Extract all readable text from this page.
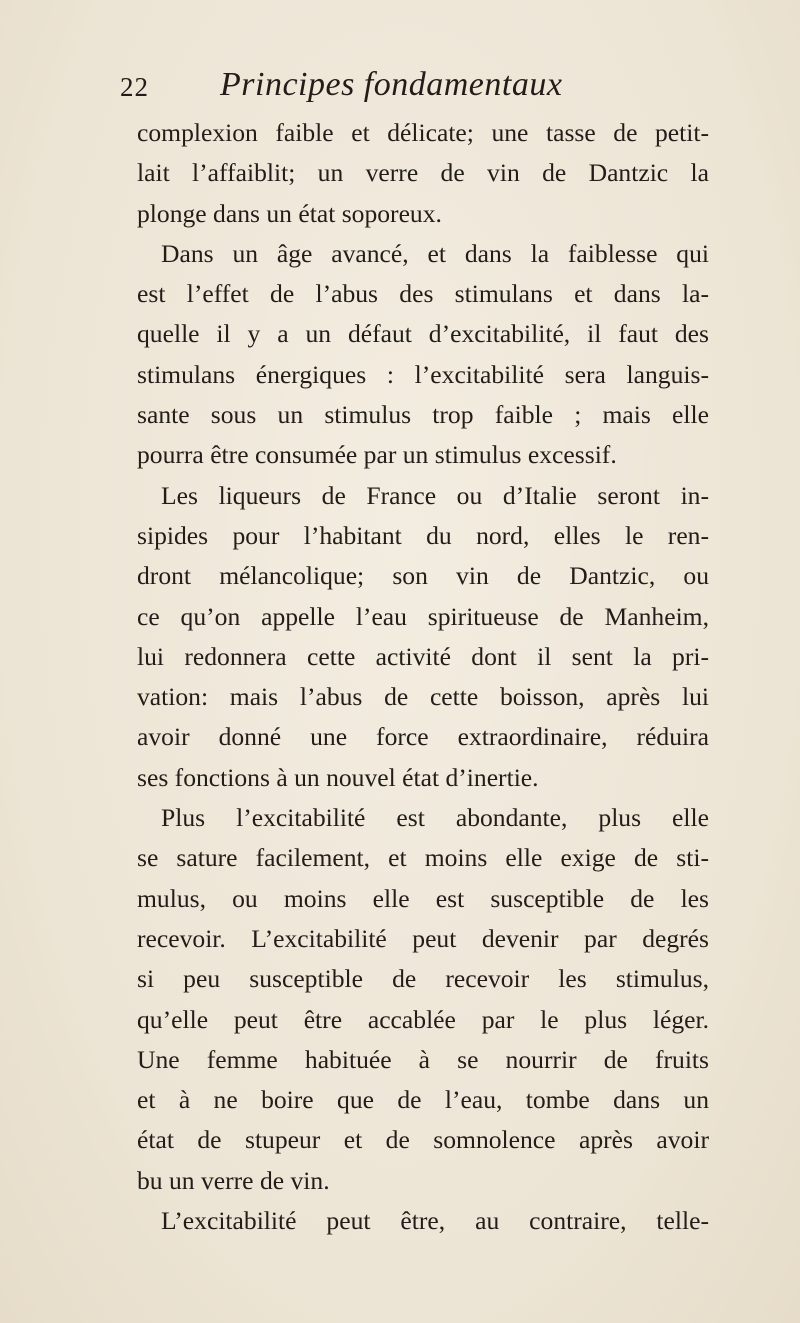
22 Principes fondamentaux
complexion faible et délicate; une tasse de petit-
lait l’affaiblit; un verre de vin de Dantzic la
plonge dans un état soporeux.
Dans un âge avancé, et dans la faiblesse qui
est l’effet de l’abus des stimulans et dans la-
quelle il y a un défaut d’excitabilité, il faut des
stimulans énergiques : l’excitabilité sera languis-
sante sous un stimulus trop faible ; mais elle
pourra être consumée par un stimulus excessif.
Les liqueurs de France ou d’Italie seront in-
sipides pour l’habitant du nord, elles le ren-
dront mélancolique; son vin de Dantzic, ou
ce qu’on appelle l’eau spiritueuse de Manheim,
lui redonnera cette activité dont il sent la pri-
vation: mais l’abus de cette boisson, après lui
avoir donné une force extraordinaire, réduira
ses fonctions à un nouvel état d’inertie.
Plus l’excitabilité est abondante, plus elle
se sature facilement, et moins elle exige de sti-
mulus, ou moins elle est susceptible de les
recevoir. L’excitabilité peut devenir par degrés
si peu susceptible de recevoir les stimulus,
qu’elle peut être accablée par le plus léger.
Une femme habituée à se nourrir de fruits
et à ne boire que de l’eau, tombe dans un
état de stupeur et de somnolence après avoir
bu un verre de vin.
L’excitabilité peut être, au contraire, telle-
